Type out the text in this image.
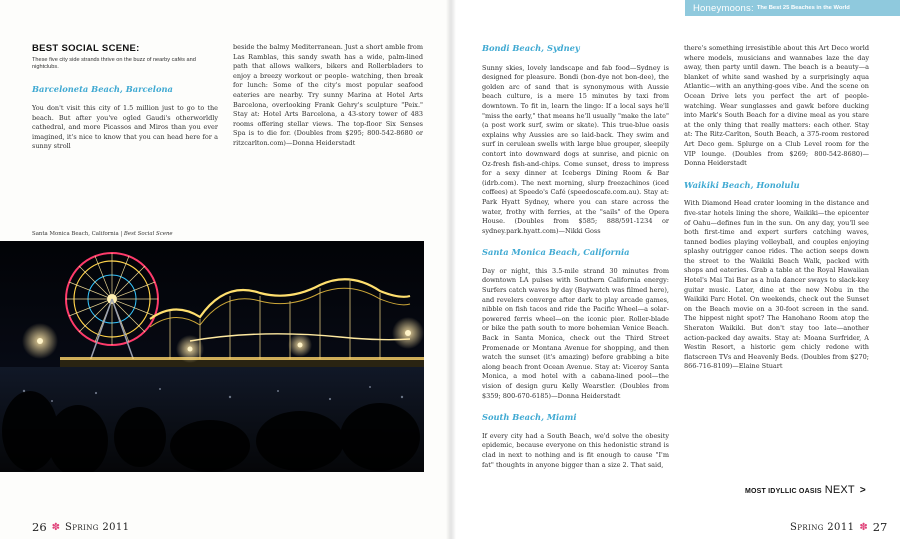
Honeymoons: The Best 25 Beaches in the World
BEST SOCIAL SCENE:
These five city side strands thrive on the buzz of nearby cafés and nightclubs.
Barceloneta Beach, Barcelona

You don't visit this city of 1.5 million just to go to the beach. But after you've ogled Gaudi's otherworldly cathedral, and more Picassos and Miros than you ever imagined, it's nice to know that you can head here for a sunny stroll

beside the balmy Mediterranean. Just a short amble from Las Ramblas, this sandy swath has a wide, palm-lined path that allows walkers, bikers and Rollerbladers to enjoy a breezy workout or people- watching, then break for lunch: Some of the city's most popular seafood eateries are nearby. Try sunny Marina at Hotel Arts Barcelona, overlooking Frank Gehry's sculpture "Peix." Stay at: Hotel Arts Barcelona, a 43-story tower of 483 rooms offering stellar views. The top-floor Six Senses Spa is to die for. (Doubles from $295; 800-542-8680 or ritzcarlton.com)—Donna Heiderstadt

Santa Monica Beach, California | Best Social Scene
26 ✽ Spring 2011
Bondi Beach, Sydney

Sunny skies, lovely landscape and fab food—Sydney is designed for pleasure. Bondi (bon-dye not bon-dee), the golden arc of sand that is synonymous with Aussie beach culture, is a mere 15 minutes by taxi from downtown. To fit in, learn the lingo: If a local says he'll "miss the early," that means he'll usually "make the late" (a post work surf, swim or skate). This true-blue oasis explains why Aussies are so laid-back. They swim and surf in cerulean swells with large blue grouper, sleepily contort into downward dogs at sunrise, and picnic on Oz-fresh fish-and-chips. Come sunset, dress to impress for a sexy dinner at Icebergs Dining Room & Bar (idrb.com). The next morning, slurp freezachinos (iced coffees) at Speedo's Café (speedoscafe.com.au). Stay at: Park Hyatt Sydney, where you can stare across the water, frothy with ferries, at the "sails" of the Opera House. (Doubles from $585; 888/591-1234 or sydney.park.hyatt.com)—Nikki Goss

Santa Monica Beach, California

Day or night, this 3.5-mile strand 30 minutes from downtown LA pulses with Southern California energy: Surfers catch waves by day (Baywatch was filmed here), and revelers converge after dark to play arcade games, nibble on fish tacos and ride the Pacific Wheel—a solar-powered ferris wheel—on the iconic pier. Roller-blade or bike the path south to more bohemian Venice Beach. Back in Santa Monica, check out the Third Street Promenade or Montana Avenue for shopping, and then watch the sunset (it's amazing) before grabbing a bite along beach front Ocean Avenue. Stay at: Viceroy Santa Monica, a mod hotel with a cabana-lined pool—the vision of design guru Kelly Wearstler. (Doubles from $359; 800-670-6185)—Donna Heiderstadt

South Beach, Miami

If every city had a South Beach, we'd solve the obesity epidemic, because everyone on this hedonistic strand is clad in next to nothing and is fit enough to cause "I'm fat" thoughts in anyone bigger than a size 2. That said,

there's something irresistible about this Art Deco world where models, musicians and wannabes laze the day away, then party until dawn. The beach is a beauty—a blanket of white sand washed by a surprisingly aqua Atlantic—with an anything-goes vibe. And the scene on Ocean Drive lets you perfect the art of people-watching. Wear sunglasses and gawk before ducking into Mark's South Beach for a divine meal as you stare at the only thing that really matters: each other. Stay at: The Ritz-Carlton, South Beach, a 375-room restored Art Deco gem. Splurge on a Club Level room for the VIP lounge. (Doubles from $269; 800-542-8680)—Donna Heiderstadt

Waikiki Beach, Honolulu

With Diamond Head crater looming in the distance and five-star hotels lining the shore, Waikiki—the epicenter of Oahu—defines fun in the sun. On any day, you'll see both first-time and expert surfers catching waves, tanned bodies playing volleyball, and couples enjoying splashy outrigger canoe rides. The action seeps down the street to the Waikiki Beach Walk, packed with shops and eateries. Grab a table at the Royal Hawaiian Hotel's Mai Tai Bar as a hula dancer sways to slack-key guitar music. Later, dine at the new Nobu in the Waikiki Parc Hotel. On weekends, check out the Sunset on the Beach movie on a 30-foot screen in the sand. The hippest night spot? The Hanohano Room atop the Sheraton Waikiki. But don't stay too late—another action-packed day awaits. Stay at: Moana Surfrider, A Westin Resort, a historic gem chicly redone with flatscreen TVs and Heavenly Beds. (Doubles from $270; 866-716-8109)—Elaine Stuart

MOST IDYLLIC OASIS NEXT >
Spring 2011 ✽ 27
